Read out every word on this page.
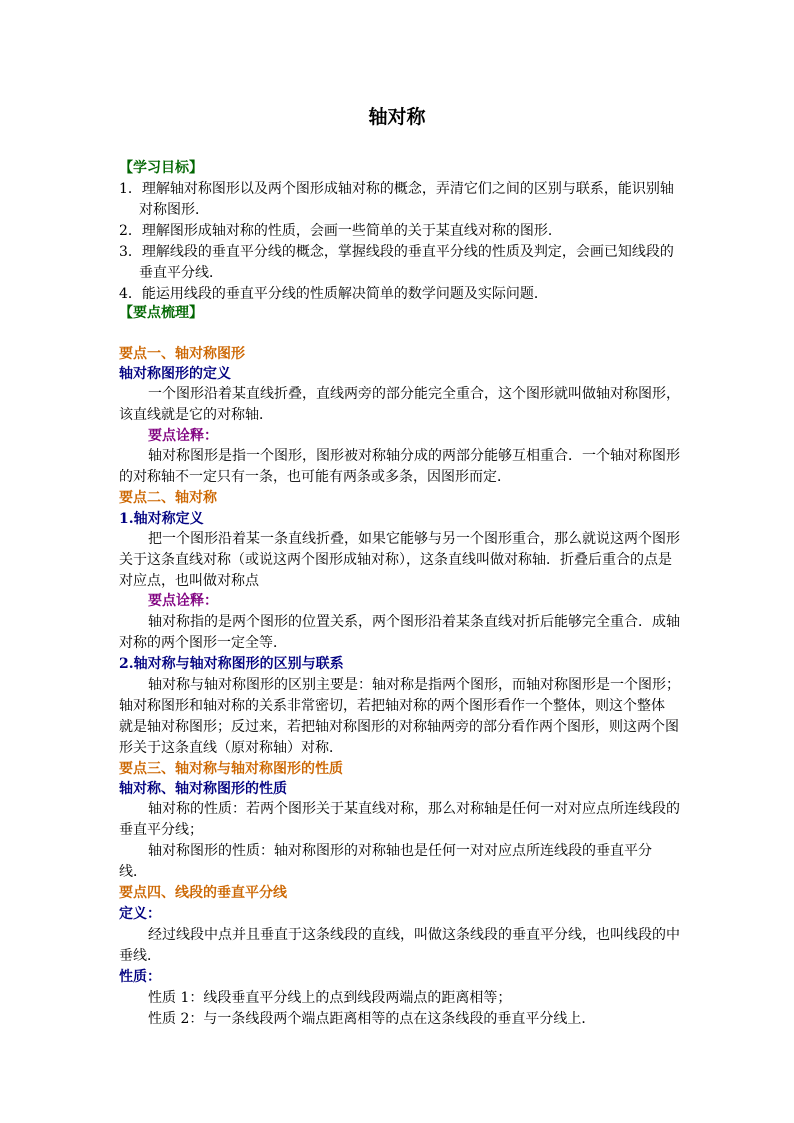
轴对称
【学习目标】
1．理解轴对称图形以及两个图形成轴对称的概念，弄清它们之间的区别与联系，能识别轴
对称图形．
2．理解图形成轴对称的性质，会画一些简单的关于某直线对称的图形．
3．理解线段的垂直平分线的概念，掌握线段的垂直平分线的性质及判定，会画已知线段的
垂直平分线．
4．能运用线段的垂直平分线的性质解决简单的数学问题及实际问题．
【要点梳理】
要点一、轴对称图形
轴对称图形的定义
一个图形沿着某直线折叠，直线两旁的部分能完全重合，这个图形就叫做轴对称图形，
该直线就是它的对称轴．
要点诠释：
轴对称图形是指一个图形，图形被对称轴分成的两部分能够互相重合．一个轴对称图形
的对称轴不一定只有一条，也可能有两条或多条，因图形而定．
要点二、轴对称
1.轴对称定义
把一个图形沿着某一条直线折叠，如果它能够与另一个图形重合，那么就说这两个图形
关于这条直线对称（或说这两个图形成轴对称），这条直线叫做对称轴．折叠后重合的点是
对应点，也叫做对称点
要点诠释：
轴对称指的是两个图形的位置关系，两个图形沿着某条直线对折后能够完全重合．成轴
对称的两个图形一定全等．
2.轴对称与轴对称图形的区别与联系
轴对称与轴对称图形的区别主要是：轴对称是指两个图形，而轴对称图形是一个图形；
轴对称图形和轴对称的关系非常密切，若把轴对称的两个图形看作一个整体，则这个整体
就是轴对称图形；反过来，若把轴对称图形的对称轴两旁的部分看作两个图形，则这两个图
形关于这条直线（原对称轴）对称．
要点三、轴对称与轴对称图形的性质
轴对称、轴对称图形的性质
轴对称的性质：若两个图形关于某直线对称，那么对称轴是任何一对对应点所连线段的
垂直平分线；
轴对称图形的性质：轴对称图形的对称轴也是任何一对对应点所连线段的垂直平分
线．
要点四、线段的垂直平分线
定义：
经过线段中点并且垂直于这条线段的直线，叫做这条线段的垂直平分线，也叫线段的中
垂线．
性质：
性质 1：线段垂直平分线上的点到线段两端点的距离相等；
性质 2：与一条线段两个端点距离相等的点在这条线段的垂直平分线上．
